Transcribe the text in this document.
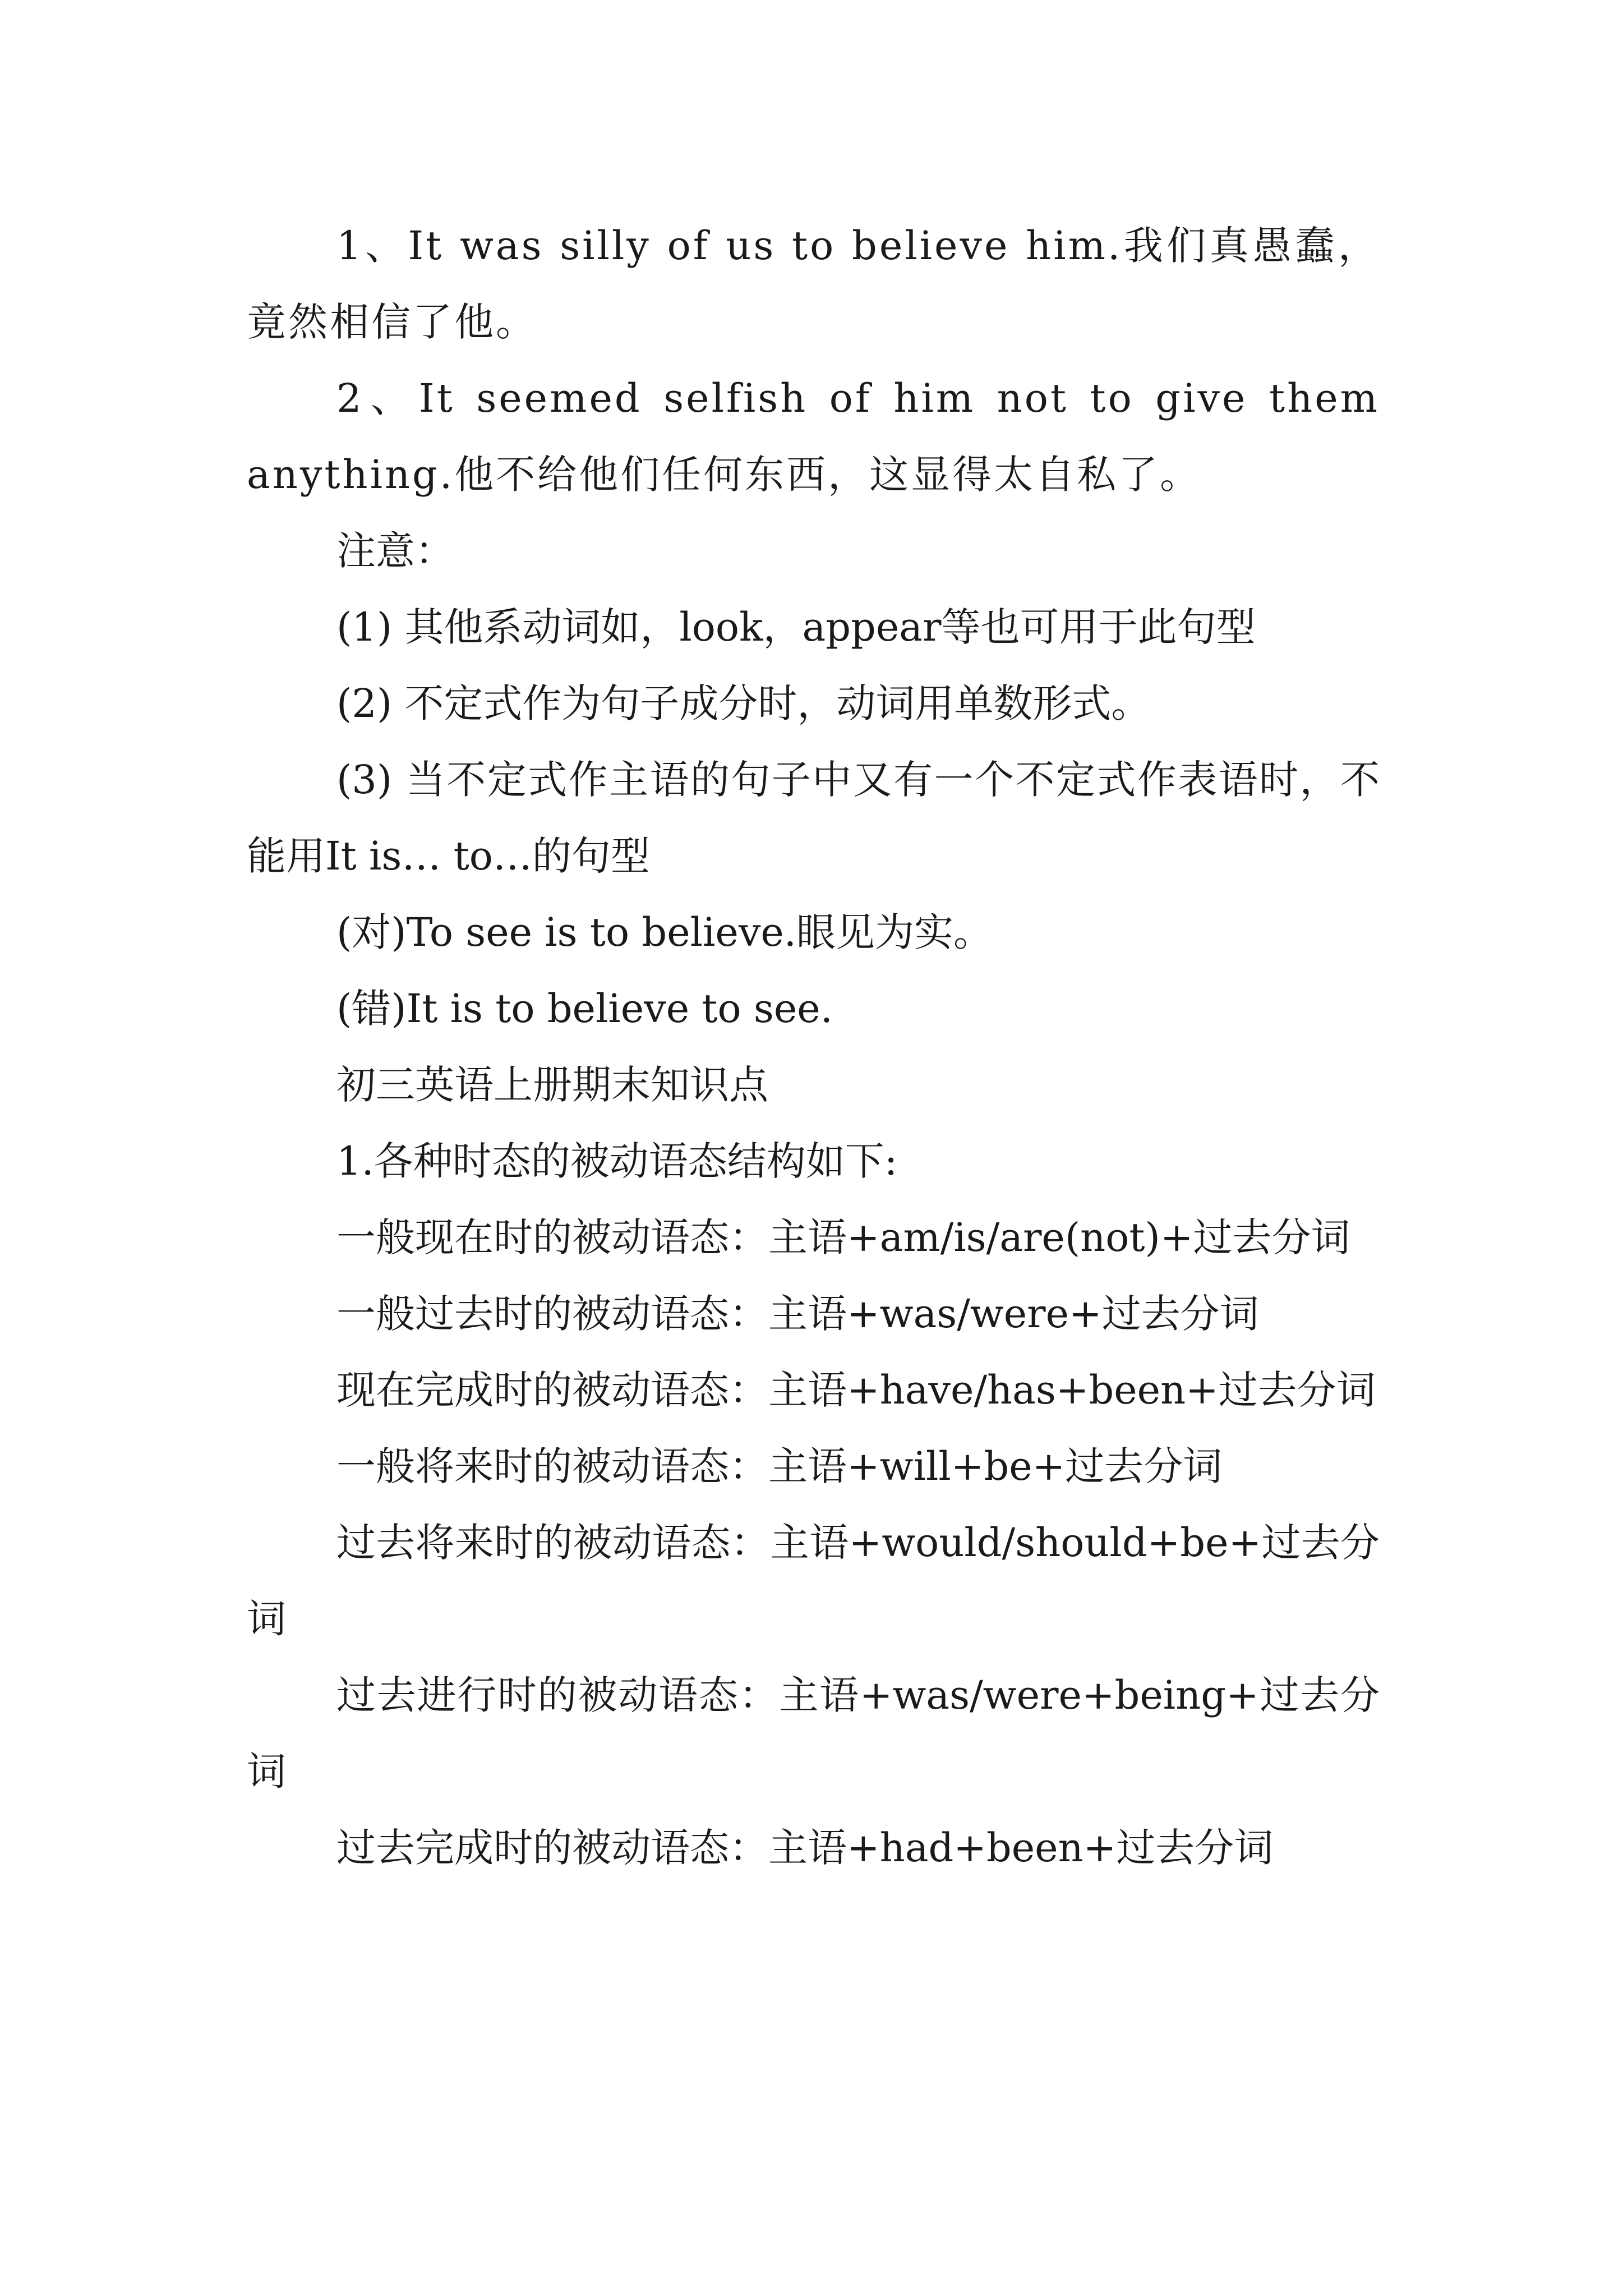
1、It was silly of us to believe him.我们真愚蠢，竟然相信了他。

2、It seemed selfish of him not to give them anything.他不给他们任何东西，这显得太自私了。

注意：

(1) 其他系动词如，look，appear等也可用于此句型

(2) 不定式作为句子成分时，动词用单数形式。

(3) 当不定式作主语的句子中又有一个不定式作表语时，不能用It is… to…的句型

(对)To see is to believe.眼见为实。

(错)It is to believe to see.

初三英语上册期末知识点

1.各种时态的被动语态结构如下:

一般现在时的被动语态：主语+am/is/are(not)+过去分词

一般过去时的被动语态：主语+was/were+过去分词

现在完成时的被动语态：主语+have/has+been+过去分词

一般将来时的被动语态：主语+will+be+过去分词

过去将来时的被动语态：主语+would/should+be+过去分词

过去进行时的被动语态：主语+was/were+being+过去分词

过去完成时的被动语态：主语+had+been+过去分词
